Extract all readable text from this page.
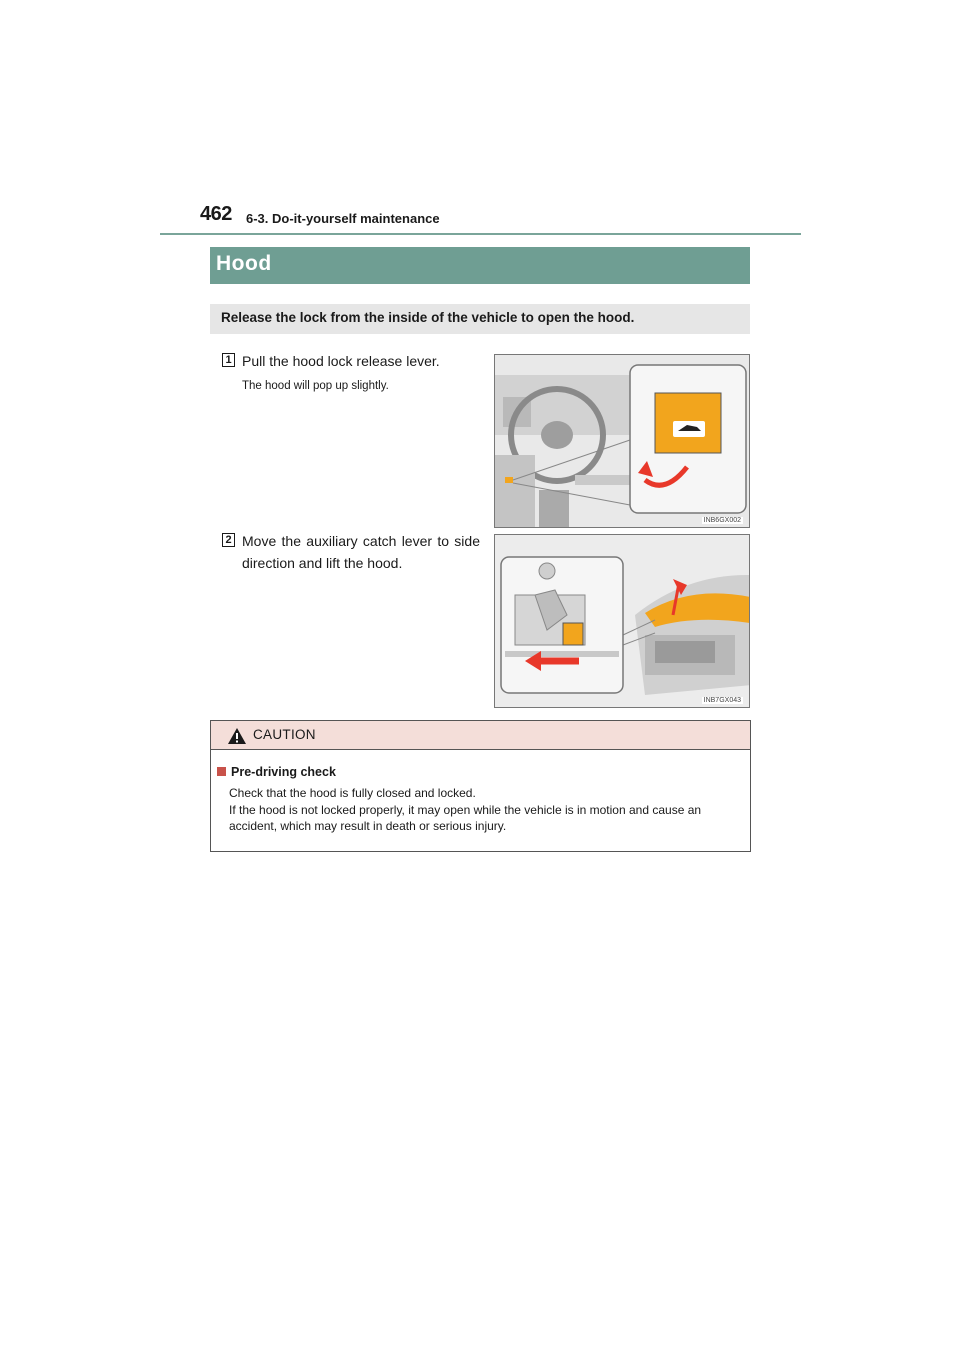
462 6-3. Do-it-yourself maintenance
Hood
Release the lock from the inside of the vehicle to open the hood.
1 Pull the hood lock release lever.
The hood will pop up slightly.
INB6GX002
2 Move the auxiliary catch lever to side direction and lift the hood.
INB7GX043
CAUTION
Pre-driving check
Check that the hood is fully closed and locked.
If the hood is not locked properly, it may open while the vehicle is in motion and cause an accident, which may result in death or serious injury.
